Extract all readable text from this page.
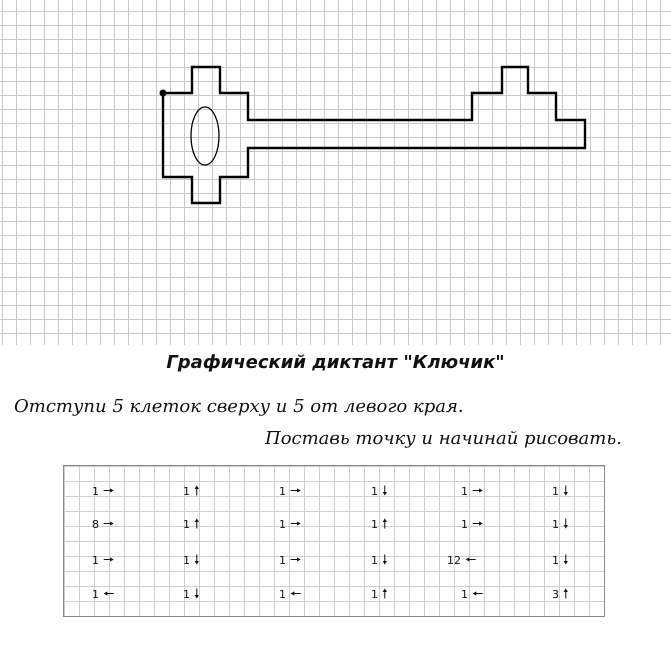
Графический диктант "Ключик"
Отступи 5 клеток сверху и 5 от левого края.
Поставь точку и начинай рисовать.
1 🠖	1 🠕	1 🠖	1 🠗	1 🠖	1 🠗
8 🠖	1 🠕	1 🠖	1 🠕	1 🠖	1 🠗
1 🠖	1 🠗	1 🠖	1 🠗	12 🠔	1 🠗
1 🠔	1 🠗	1 🠔	1 🠕	1 🠔	3 🠕
